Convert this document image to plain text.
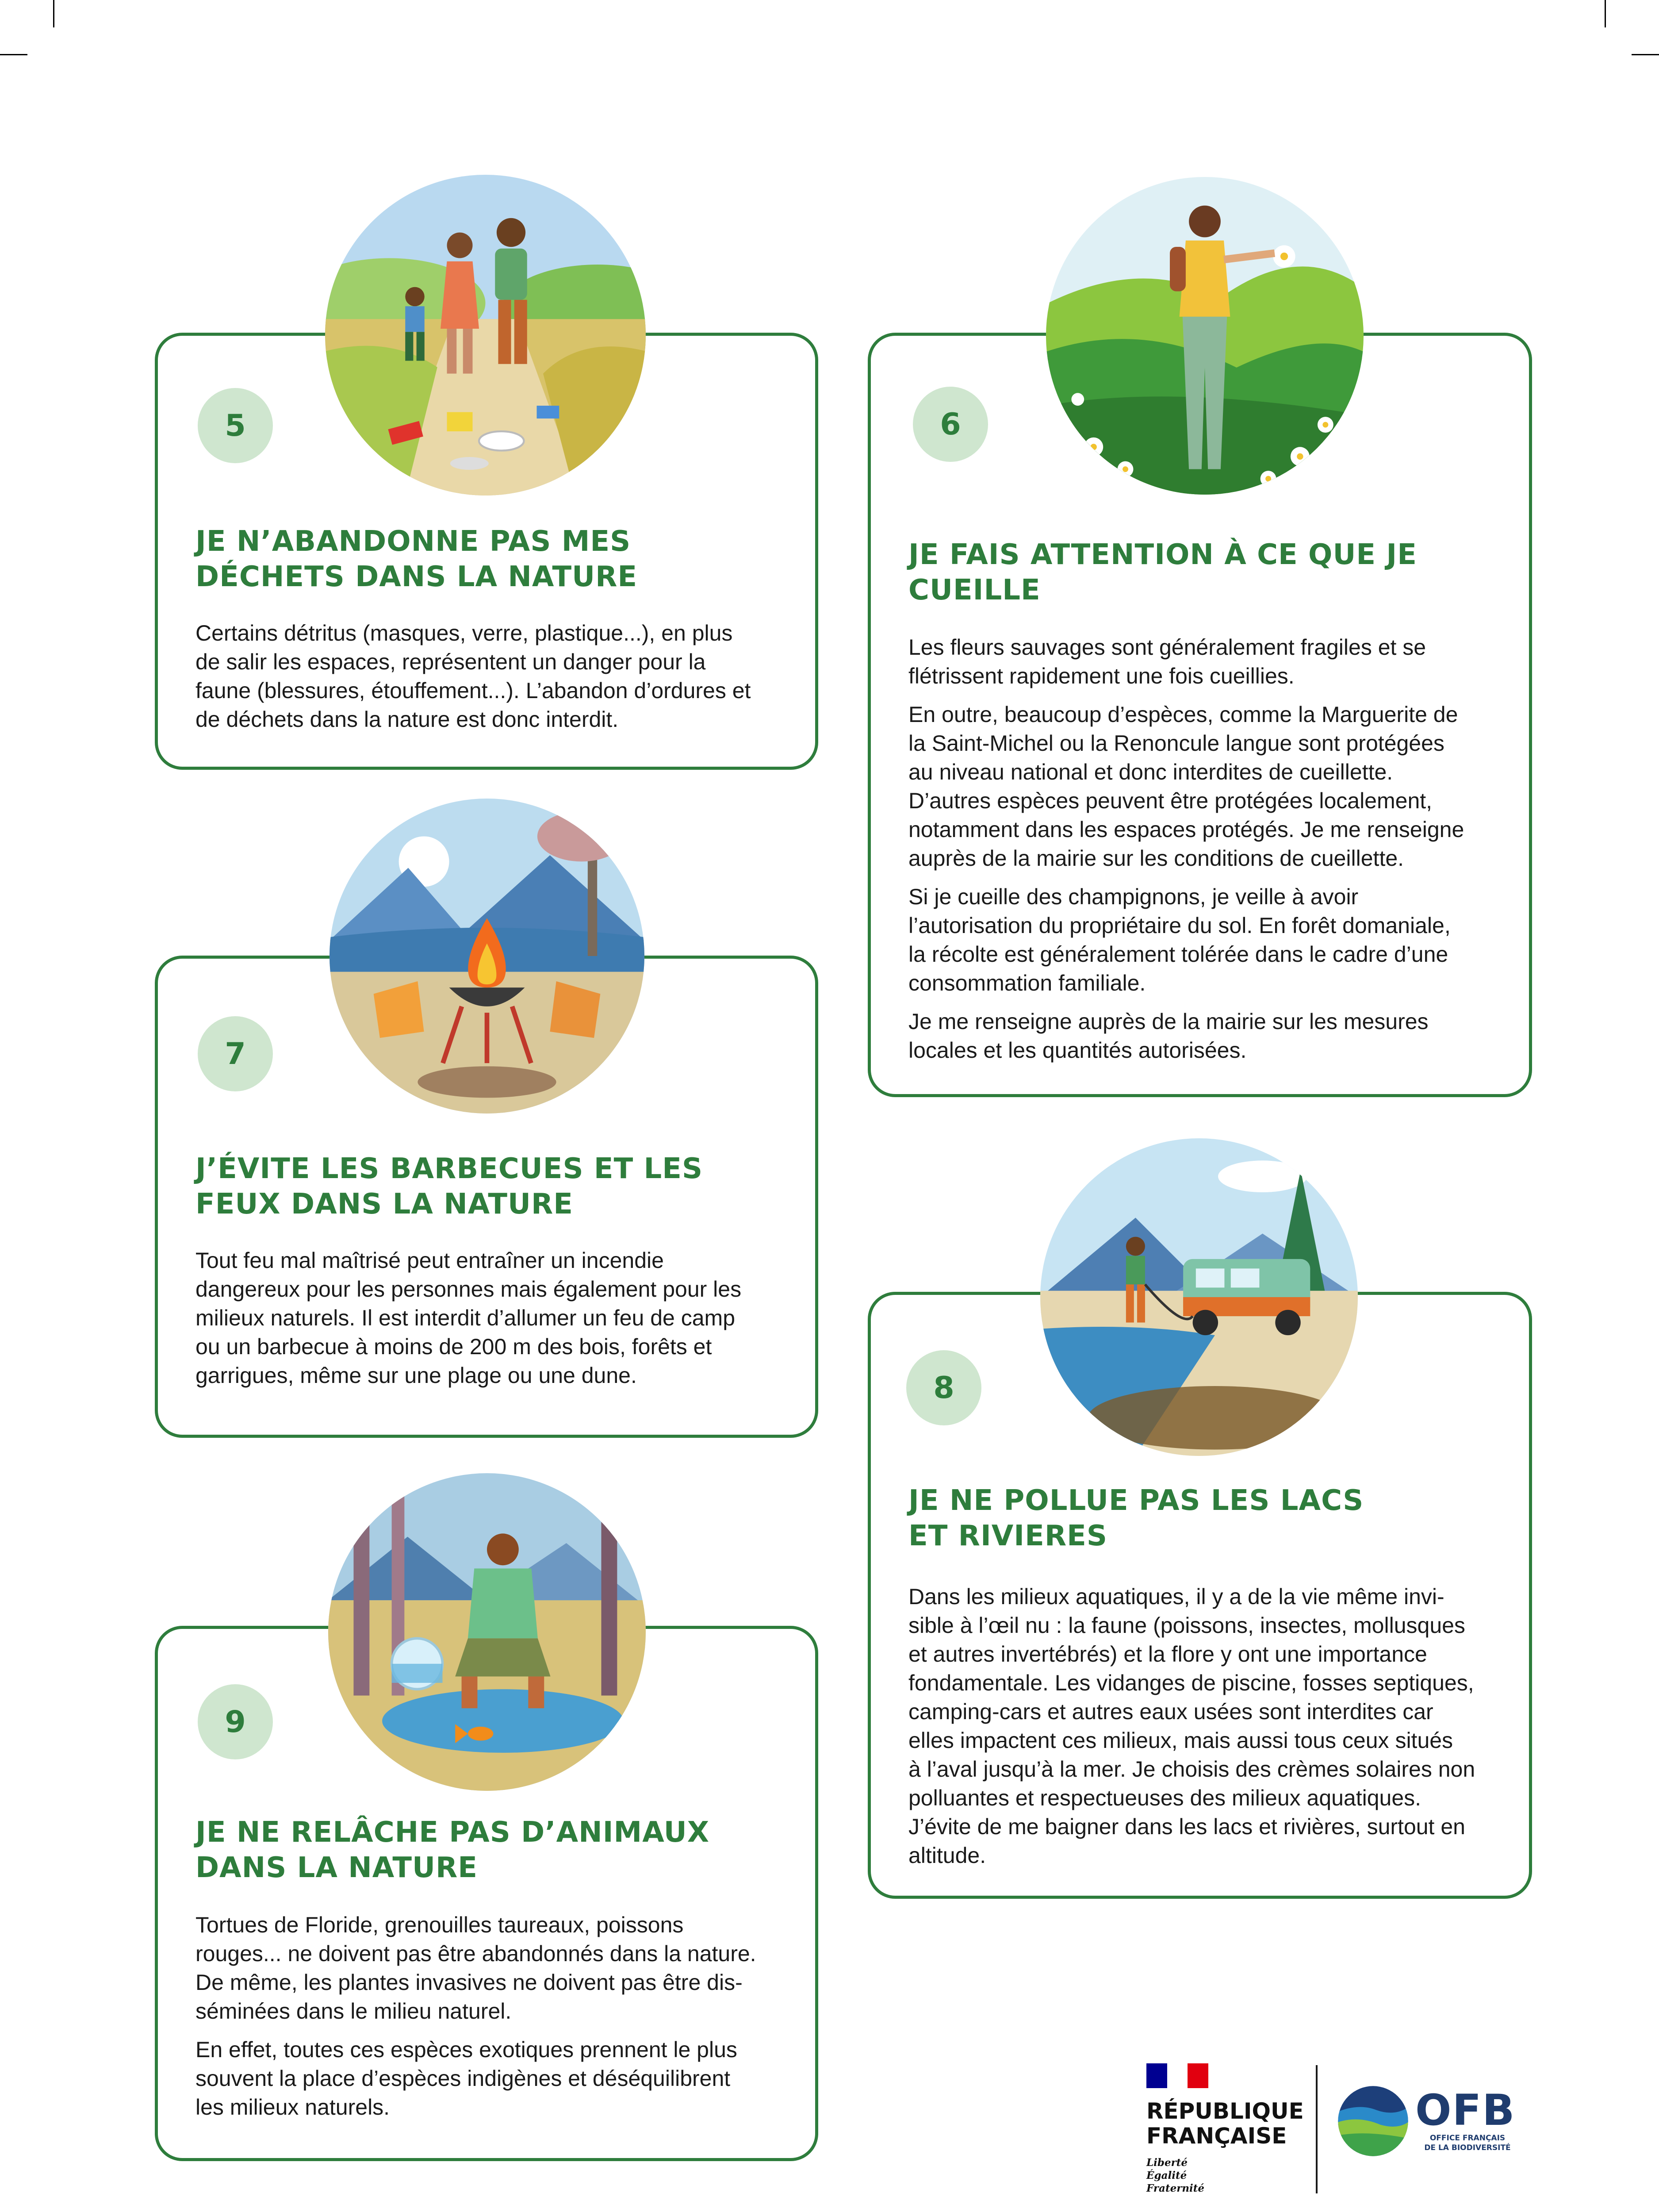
5
JE N’ABANDONNE PAS MES
DÉCHETS DANS LA NATURE

Certains détritus (masques, verre, plastique...), en plus
de salir les espaces, représentent un danger pour la
faune (blessures, étouffement...). L’abandon d’ordures et
de déchets dans la nature est donc interdit.

6
JE FAIS ATTENTION À CE QUE JE
CUEILLE

Les fleurs sauvages sont généralement fragiles et se
flétrissent rapidement une fois cueillies.

En outre, beaucoup d’espèces, comme la Marguerite de
la Saint-Michel ou la Renoncule langue sont protégées
au niveau national et donc interdites de cueillette.
D’autres espèces peuvent être protégées localement,
notamment dans les espaces protégés. Je me renseigne
auprès de la mairie sur les conditions de cueillette.

Si je cueille des champignons, je veille à avoir
l’autorisation du propriétaire du sol. En forêt domaniale,
la récolte est généralement tolérée dans le cadre d’une
consommation familiale.

Je me renseigne auprès de la mairie sur les mesures
locales et les quantités autorisées.

7
J’ÉVITE LES BARBECUES ET LES
FEUX DANS LA NATURE

Tout feu mal maîtrisé peut entraîner un incendie
dangereux pour les personnes mais également pour les
milieux naturels. Il est interdit d’allumer un feu de camp
ou un barbecue à moins de 200 m des bois, forêts et
garrigues, même sur une plage ou une dune.	8
JE NE POLLUE PAS LES LACS
ET RIVIERES

Dans les milieux aquatiques, il y a de la vie même invi-
sible à l’œil nu : la faune (poissons, insectes, mollusques
et autres invertébrés) et la flore y ont une importance
fondamentale. Les vidanges de piscine, fosses septiques,
camping-cars et autres eaux usées sont interdites car
elles impactent ces milieux, mais aussi tous ceux situés
à l’aval jusqu’à la mer. Je choisis des crèmes solaires non
polluantes et respectueuses des milieux aquatiques.
J’évite de me baigner dans les lacs et rivières, surtout en
altitude.

9
JE NE RELÂCHE PAS D’ANIMAUX
DANS LA NATURE

Tortues de Floride, grenouilles taureaux, poissons
rouges... ne doivent pas être abandonnés dans la nature.
De même, les plantes invasives ne doivent pas être dis-
séminées dans le milieu naturel.

En effet, toutes ces espèces exotiques prennent le plus
souvent la place d’espèces indigènes et déséquilibrent
les milieux naturels.	RÉPUBLIQUE
FRANÇAISE
Liberté
Égalité
Fraternité
OFB
OFFICE FRANÇAIS
DE LA BIODIVERSITÉ
